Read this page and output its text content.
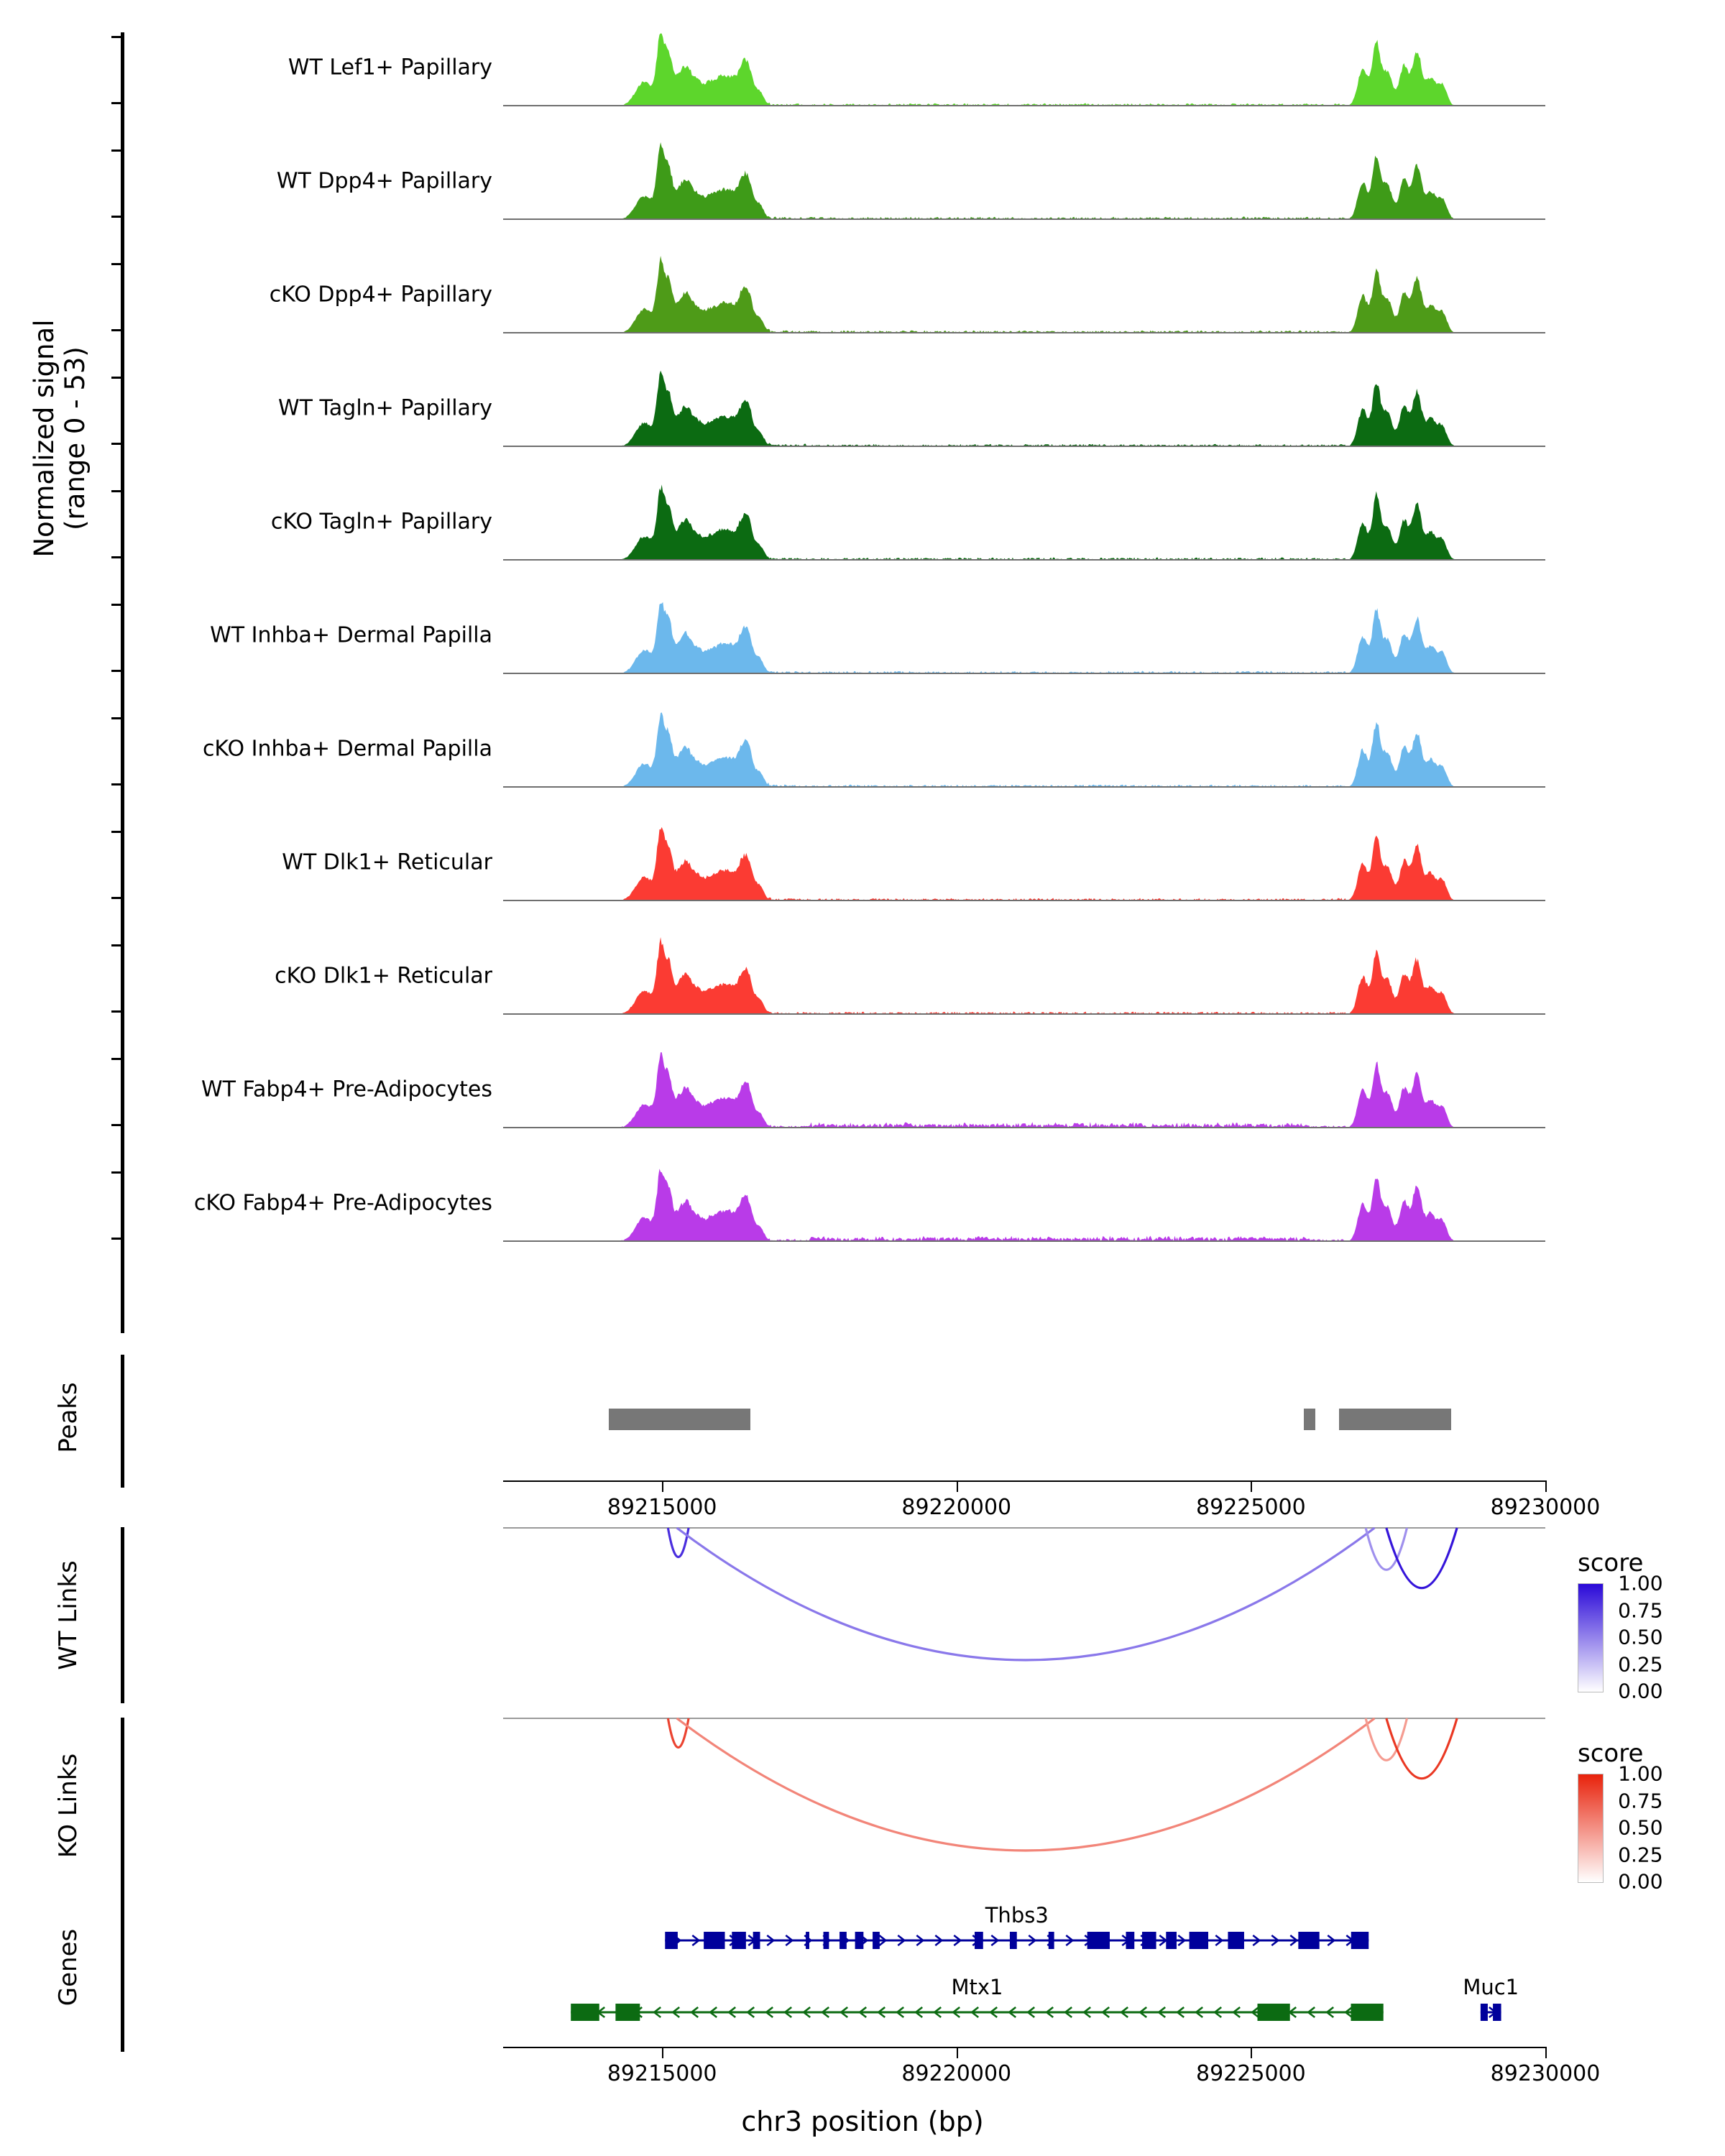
Normalized signal
(range 0 - 53)
WT Lef1+ Papillary
WT Dpp4+ Papillary
cKO Dpp4+ Papillary
WT Tagln+ Papillary
cKO Tagln+ Papillary
WT Inhba+ Dermal Papilla
cKO Inhba+ Dermal Papilla
WT Dlk1+ Reticular
cKO Dlk1+ Reticular
WT Fabp4+ Pre-Adipocytes
cKO Fabp4+ Pre-Adipocytes
Peaks
89215000	89220000	89225000	89230000
WT Links	score

1.00
0.75
0.50
0.25
0.00
KO Links	score

1.00
0.75
0.50
0.25
0.00
Genes
Thbs3
Mtx1	Muc1
89215000	89220000	89225000	89230000
chr3 position (bp)
